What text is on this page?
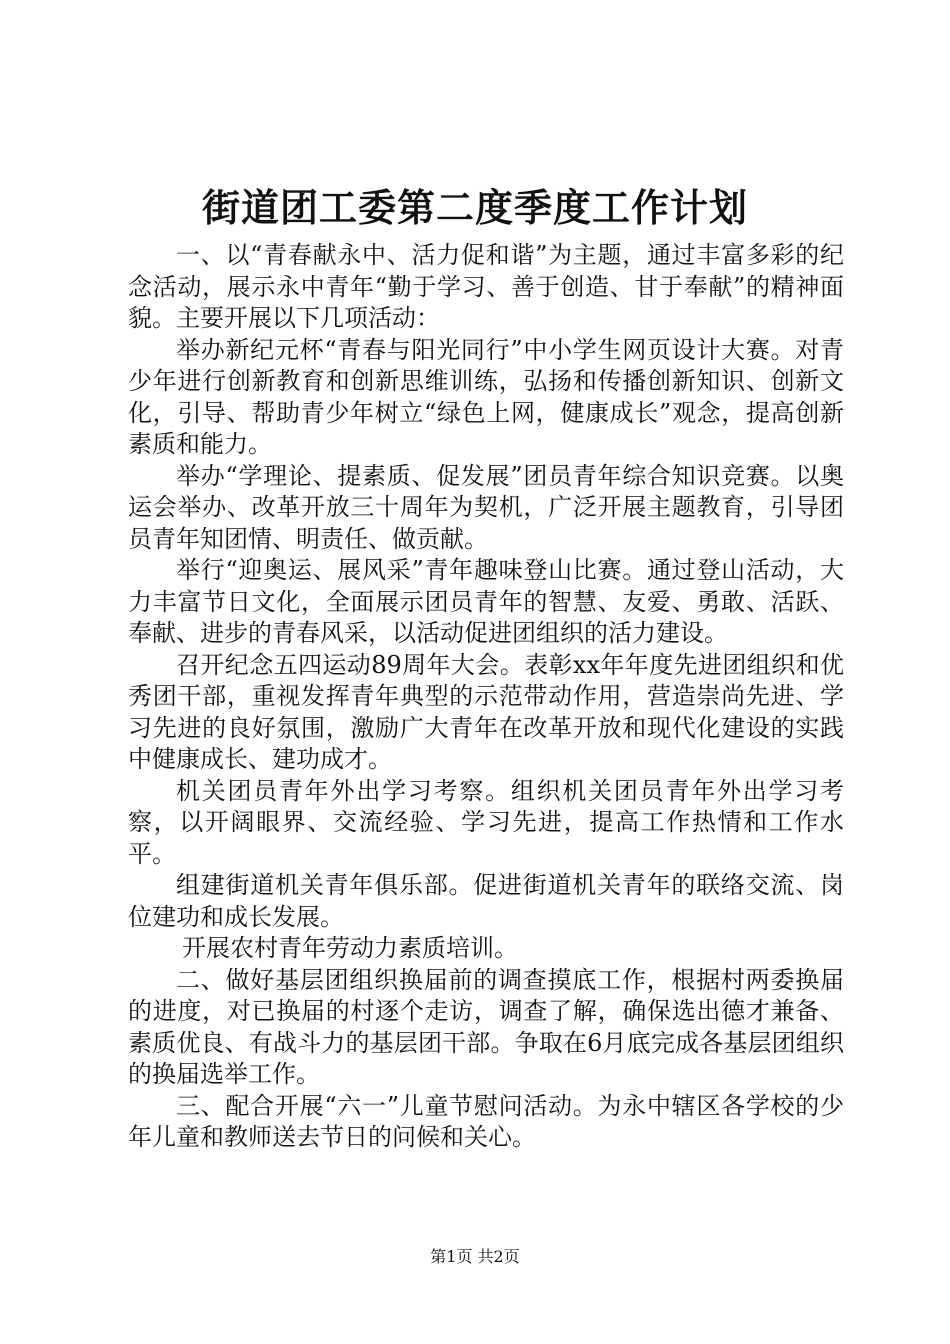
街道团工委第二度季度工作计划

一、以“青春献永中、活力促和谐”为主题，通过丰富多彩的纪念活动，展示永中青年“勤于学习、善于创造、甘于奉献”的精神面貌。主要开展以下几项活动：

举办新纪元杯“青春与阳光同行”中小学生网页设计大赛。对青少年进行创新教育和创新思维训练，弘扬和传播创新知识、创新文化，引导、帮助青少年树立“绿色上网，健康成长”观念，提高创新素质和能力。

举办“学理论、提素质、促发展”团员青年综合知识竞赛。以奥运会举办、改革开放三十周年为契机，广泛开展主题教育，引导团员青年知团情、明责任、做贡献。

举行“迎奥运、展风采”青年趣味登山比赛。通过登山活动，大力丰富节日文化，全面展示团员青年的智慧、友爱、勇敢、活跃、奉献、进步的青春风采，以活动促进团组织的活力建设。

召开纪念五四运动89周年大会。表彰xx年年度先进团组织和优秀团干部，重视发挥青年典型的示范带动作用，营造崇尚先进、学习先进的良好氛围，激励广大青年在改革开放和现代化建设的实践中健康成长、建功成才。

机关团员青年外出学习考察。组织机关团员青年外出学习考察，以开阔眼界、交流经验、学习先进，提高工作热情和工作水平。

组建街道机关青年俱乐部。促进街道机关青年的联络交流、岗位建功和成长发展。

开展农村青年劳动力素质培训。

二、做好基层团组织换届前的调查摸底工作，根据村两委换届的进度，对已换届的村逐个走访，调查了解，确保选出德才兼备、素质优良、有战斗力的基层团干部。争取在6月底完成各基层团组织的换届选举工作。

三、配合开展“六一”儿童节慰问活动。为永中辖区各学校的少年儿童和教师送去节日的问候和关心。

第1页 共2页
